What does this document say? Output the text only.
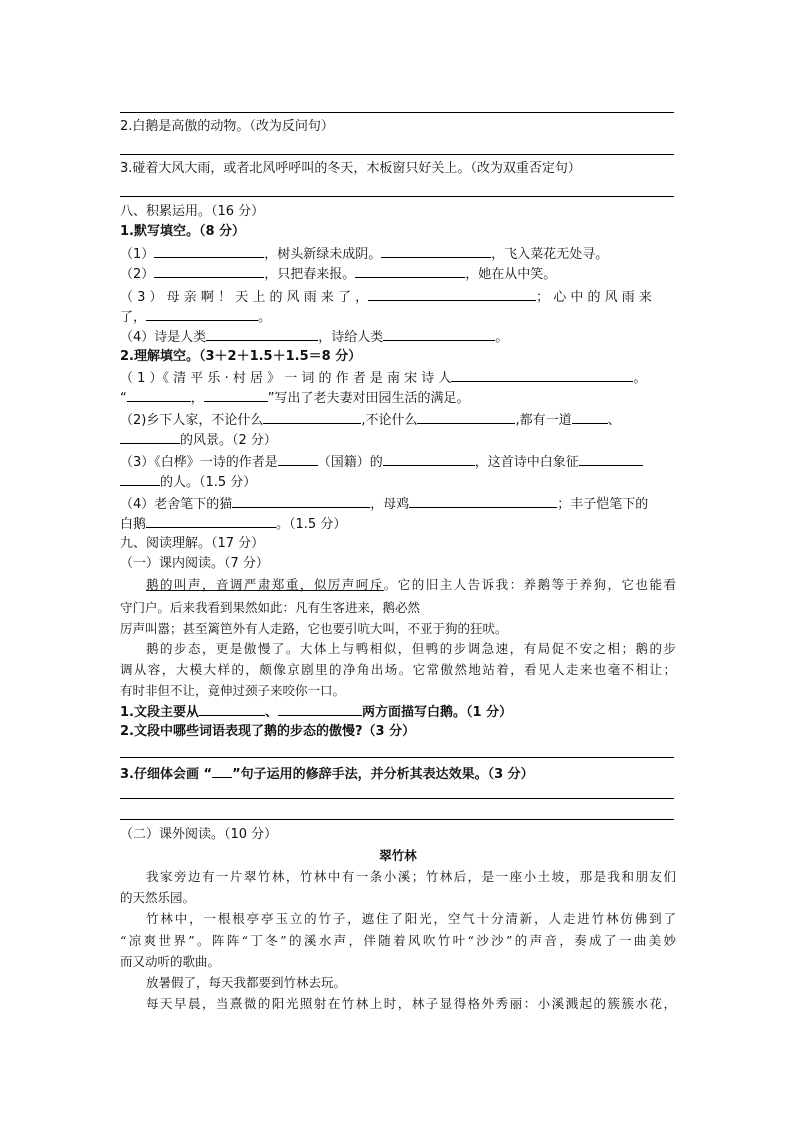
2.白鹅是高傲的动物。（改为反问句）
3.碰着大风大雨，或者北风呼呼叫的冬天，木板窗只好关上。（改为双重否定句）
八、积累运用。（16 分）
1.默写填空。（8 分）
（1）	，树头新绿未成阴。	，飞入菜花无处寻。
（2）	，只把春来报。	，她在从中笑。
（ 3 ） 母 亲 啊 ！ 天 上 的 风 雨 来 了 ，	； 心 中 的 风 雨 来
了，	。
（4）诗是人类	，诗给人类	。
2.理解填空。（3＋2＋1.5＋1.5＝8 分）
（ 1 ）《 清 平 乐 · 村 居 》 一 词 的 作 者 是 南 宋 诗 人	。
“	，	”写出了老夫妻对田园生活的满足。
（2)乡下人家，不论什么	,不论什么	,都有一道	、
的风景。（2 分）
（3）《白桦》一诗的作者是	（国籍）的	，这首诗中白象征
的人。（1.5 分）
（4）老舍笔下的猫	，母鸡	；丰子恺笔下的
白鹅	。（1.5 分）
九、阅读理解。（17 分）
（一）课内阅读。（7 分）
鹅的叫声，音调严肃郑重，似厉声呵斥。它的旧主人告诉我：养鹅等于养狗，它也能看
守门户。后来我看到果然如此：凡有生客进来，鹅必然
厉声叫嚣；甚至篱笆外有人走路，它也要引吭大叫，不亚于狗的狂吠。
鹅的步态，更是傲慢了。大体上与鸭相似，但鸭的步调急速，有局促不安之相；鹅的步
调从容，大模大样的，颇像京剧里的净角出场。它常傲然地站着，看见人走来也毫不相让；
有时非但不让，竟伸过颈子来咬你一口。
1.文段主要从	、	两方面描写白鹅。（1 分）
2.文段中哪些词语表现了鹅的步态的傲慢?（3 分）
3.仔细体会画 “ ”句子运用的修辞手法，并分析其表达效果。（3 分）
（二）课外阅读。（10 分）
翠竹林
我家旁边有一片翠竹林，竹林中有一条小溪；竹林后，是一座小土坡，那是我和朋友们
的天然乐园。
竹林中，一根根亭亭玉立的竹子，遮住了阳光，空气十分清新，人走进竹林仿佛到了
“凉爽世界”。阵阵“丁冬”的溪水声，伴随着风吹竹叶“沙沙”的声音，奏成了一曲美妙
而又动听的歌曲。
放暑假了，每天我都要到竹林去玩。
每天早晨，当熹微的阳光照射在竹林上时，林子显得格外秀丽：小溪溅起的簇簇水花，
